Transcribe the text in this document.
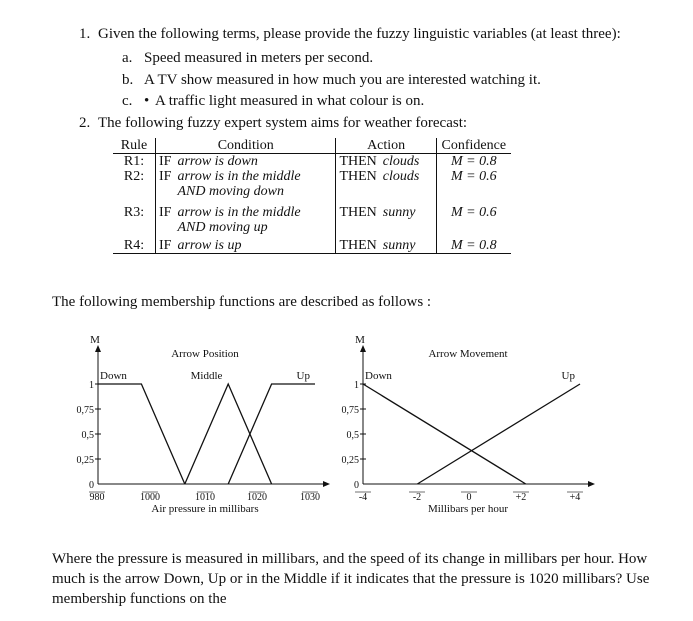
1. Given the following terms, please provide the fuzzy linguistic variables (at least three):
a. Speed measured in meters per second.
b. A TV show measured in how much you are interested watching it.
c. • A traffic light measured in what colour is on.
2. The following fuzzy expert system aims for weather forecast:
Rule	Condition		Action		Confidence
R1:	IF	arrow is down	THEN	clouds	M = 0.8
R2:	IF	arrow is in the middle
AND moving down	THEN	clouds	M = 0.6
R3:	IF	arrow is in the middle
AND moving up	THEN	sunny	M = 0.6
R4:	IF	arrow is up	THEN	sunny	M = 0.8
The following membership functions are described as follows :
M
Arrow Position
0
0,25
0,5
0,75
1
980	1000	1010	1020	1030
Air pressure in millibars
Down	Middle	Up
M
Arrow Movement
0
0,25
0,5
0,75
1
-4	-2	0	+2	+4
Millibars per hour
Down	Up
Where the pressure is measured in millibars, and the speed of its change in millibars per hour. How much is the arrow Down, Up or in the Middle if it indicates that the pressure is 1020 millibars? Use membership functions on the
